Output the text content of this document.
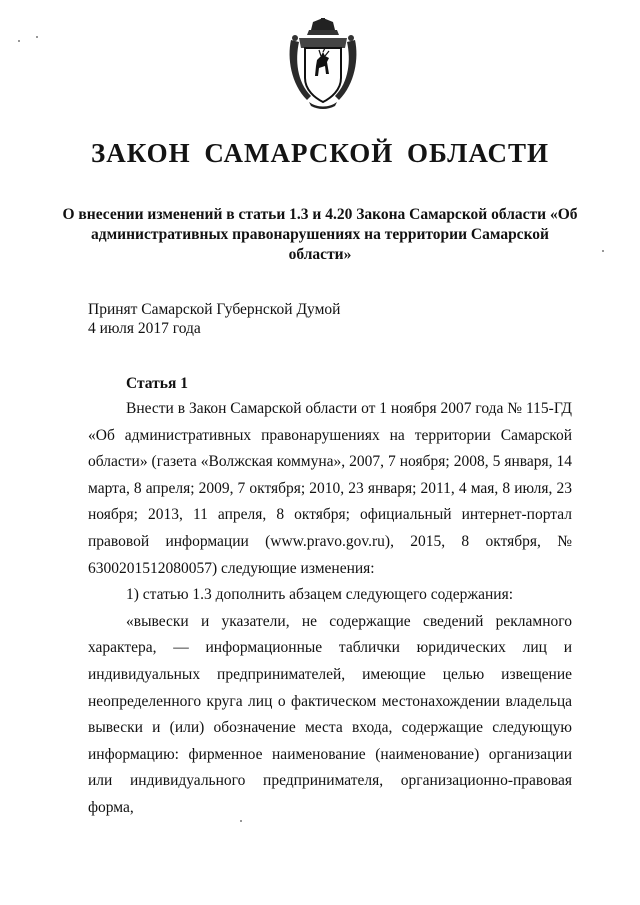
ЗАКОН САМАРСКОЙ ОБЛАСТИ
О внесении изменений в статьи 1.3 и 4.20 Закона Самарской области «Об административных правонарушениях на территории Самарской области»
Принят Самарской Губернской Думой
4 июля 2017 года
Статья 1

Внести в Закон Самарской области от 1 ноября 2007 года № 115-ГД «Об административных правонарушениях на территории Самарской области» (газета «Волжская коммуна», 2007, 7 ноября; 2008, 5 января, 14 марта, 8 апреля; 2009, 7 октября; 2010, 23 января; 2011, 4 мая, 8 июля, 23 ноября; 2013, 11 апреля, 8 октября; официальный интернет-портал правовой информации (www.pravo.gov.ru), 2015, 8 октября, № 6300201512080057) следующие изменения:

1) статью 1.3 дополнить абзацем следующего содержания:

«вывески и указатели, не содержащие сведений рекламного характера, — информационные таблички юридических лиц и индивидуальных предпринимателей, имеющие целью извещение неопределенного круга лиц о фактическом местонахождении владельца вывески и (или) обозначение места входа, содержащие следующую информацию: фирменное наименование (наименование) организации или индивидуального предпринимателя, организационно-правовая форма,
